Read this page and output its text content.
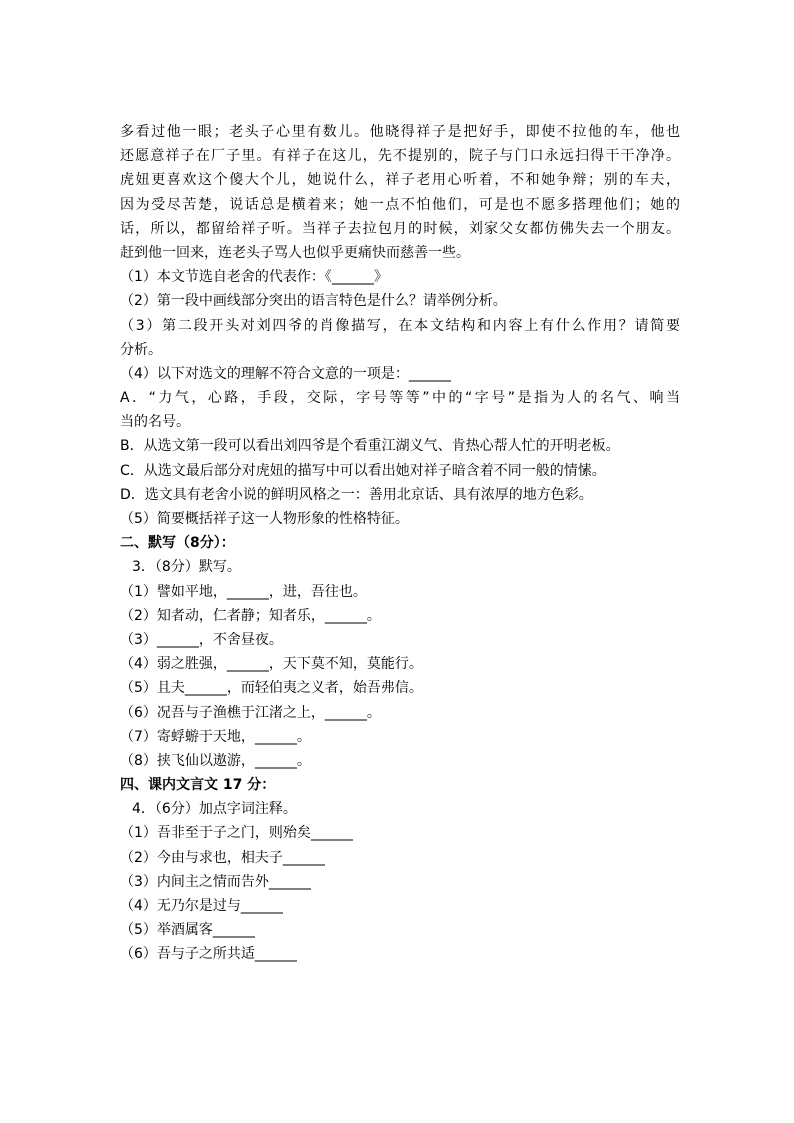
多看过他一眼；老头子心里有数儿。他晓得祥子是把好手，即使不拉他的车，他也
还愿意祥子在厂子里。有祥子在这儿，先不提别的，院子与门口永远扫得干干净净。
虎妞更喜欢这个傻大个儿，她说什么，祥子老用心听着，不和她争辩；别的车夫，
因为受尽苦楚，说话总是横着来；她一点不怕他们，可是也不愿多搭理他们；她的
话，所以，都留给祥子听。当祥子去拉包月的时候，刘家父女都仿佛失去一个朋友。
赶到他一回来，连老头子骂人也似乎更痛快而慈善一些。
（1）本文节选自老舍的代表作：《______》
（2）第一段中画线部分突出的语言特色是什么？请举例分析。
（3）第二段开头对刘四爷的肖像描写，在本文结构和内容上有什么作用？请简要
分析。
（4）以下对选文的理解不符合文意的一项是：______
A．“力气，心路，手段，交际，字号等等”中的“字号”是指为人的名气、响当
当的名号。
B．从选文第一段可以看出刘四爷是个看重江湖义气、肯热心帮人忙的开明老板。
C．从选文最后部分对虎妞的描写中可以看出她对祥子暗含着不同一般的情愫。
D．选文具有老舍小说的鲜明风格之一：善用北京话、具有浓厚的地方色彩。
（5）简要概括祥子这一人物形象的性格特征。
二、默写（8分）：
3．（8分）默写。
（1）譬如平地，______，进，吾往也。
（2）知者动，仁者静；知者乐，______。
（3）______，不舍昼夜。
（4）弱之胜强，______，天下莫不知，莫能行。
（5）且夫______，而轻伯夷之义者，始吾弗信。
（6）况吾与子渔樵于江渚之上，______。
（7）寄蜉蝣于天地，______。
（8）挟飞仙以遨游，______。
四、课内文言文 17 分：
4．（6分）加点字词注释。
（1）吾非至于子之门，则殆矣______
（2）今由与求也，相夫子______
（3）内间主之情而告外______
（4）无乃尔是过与______
（5）举酒属客______
（6）吾与子之所共适______
